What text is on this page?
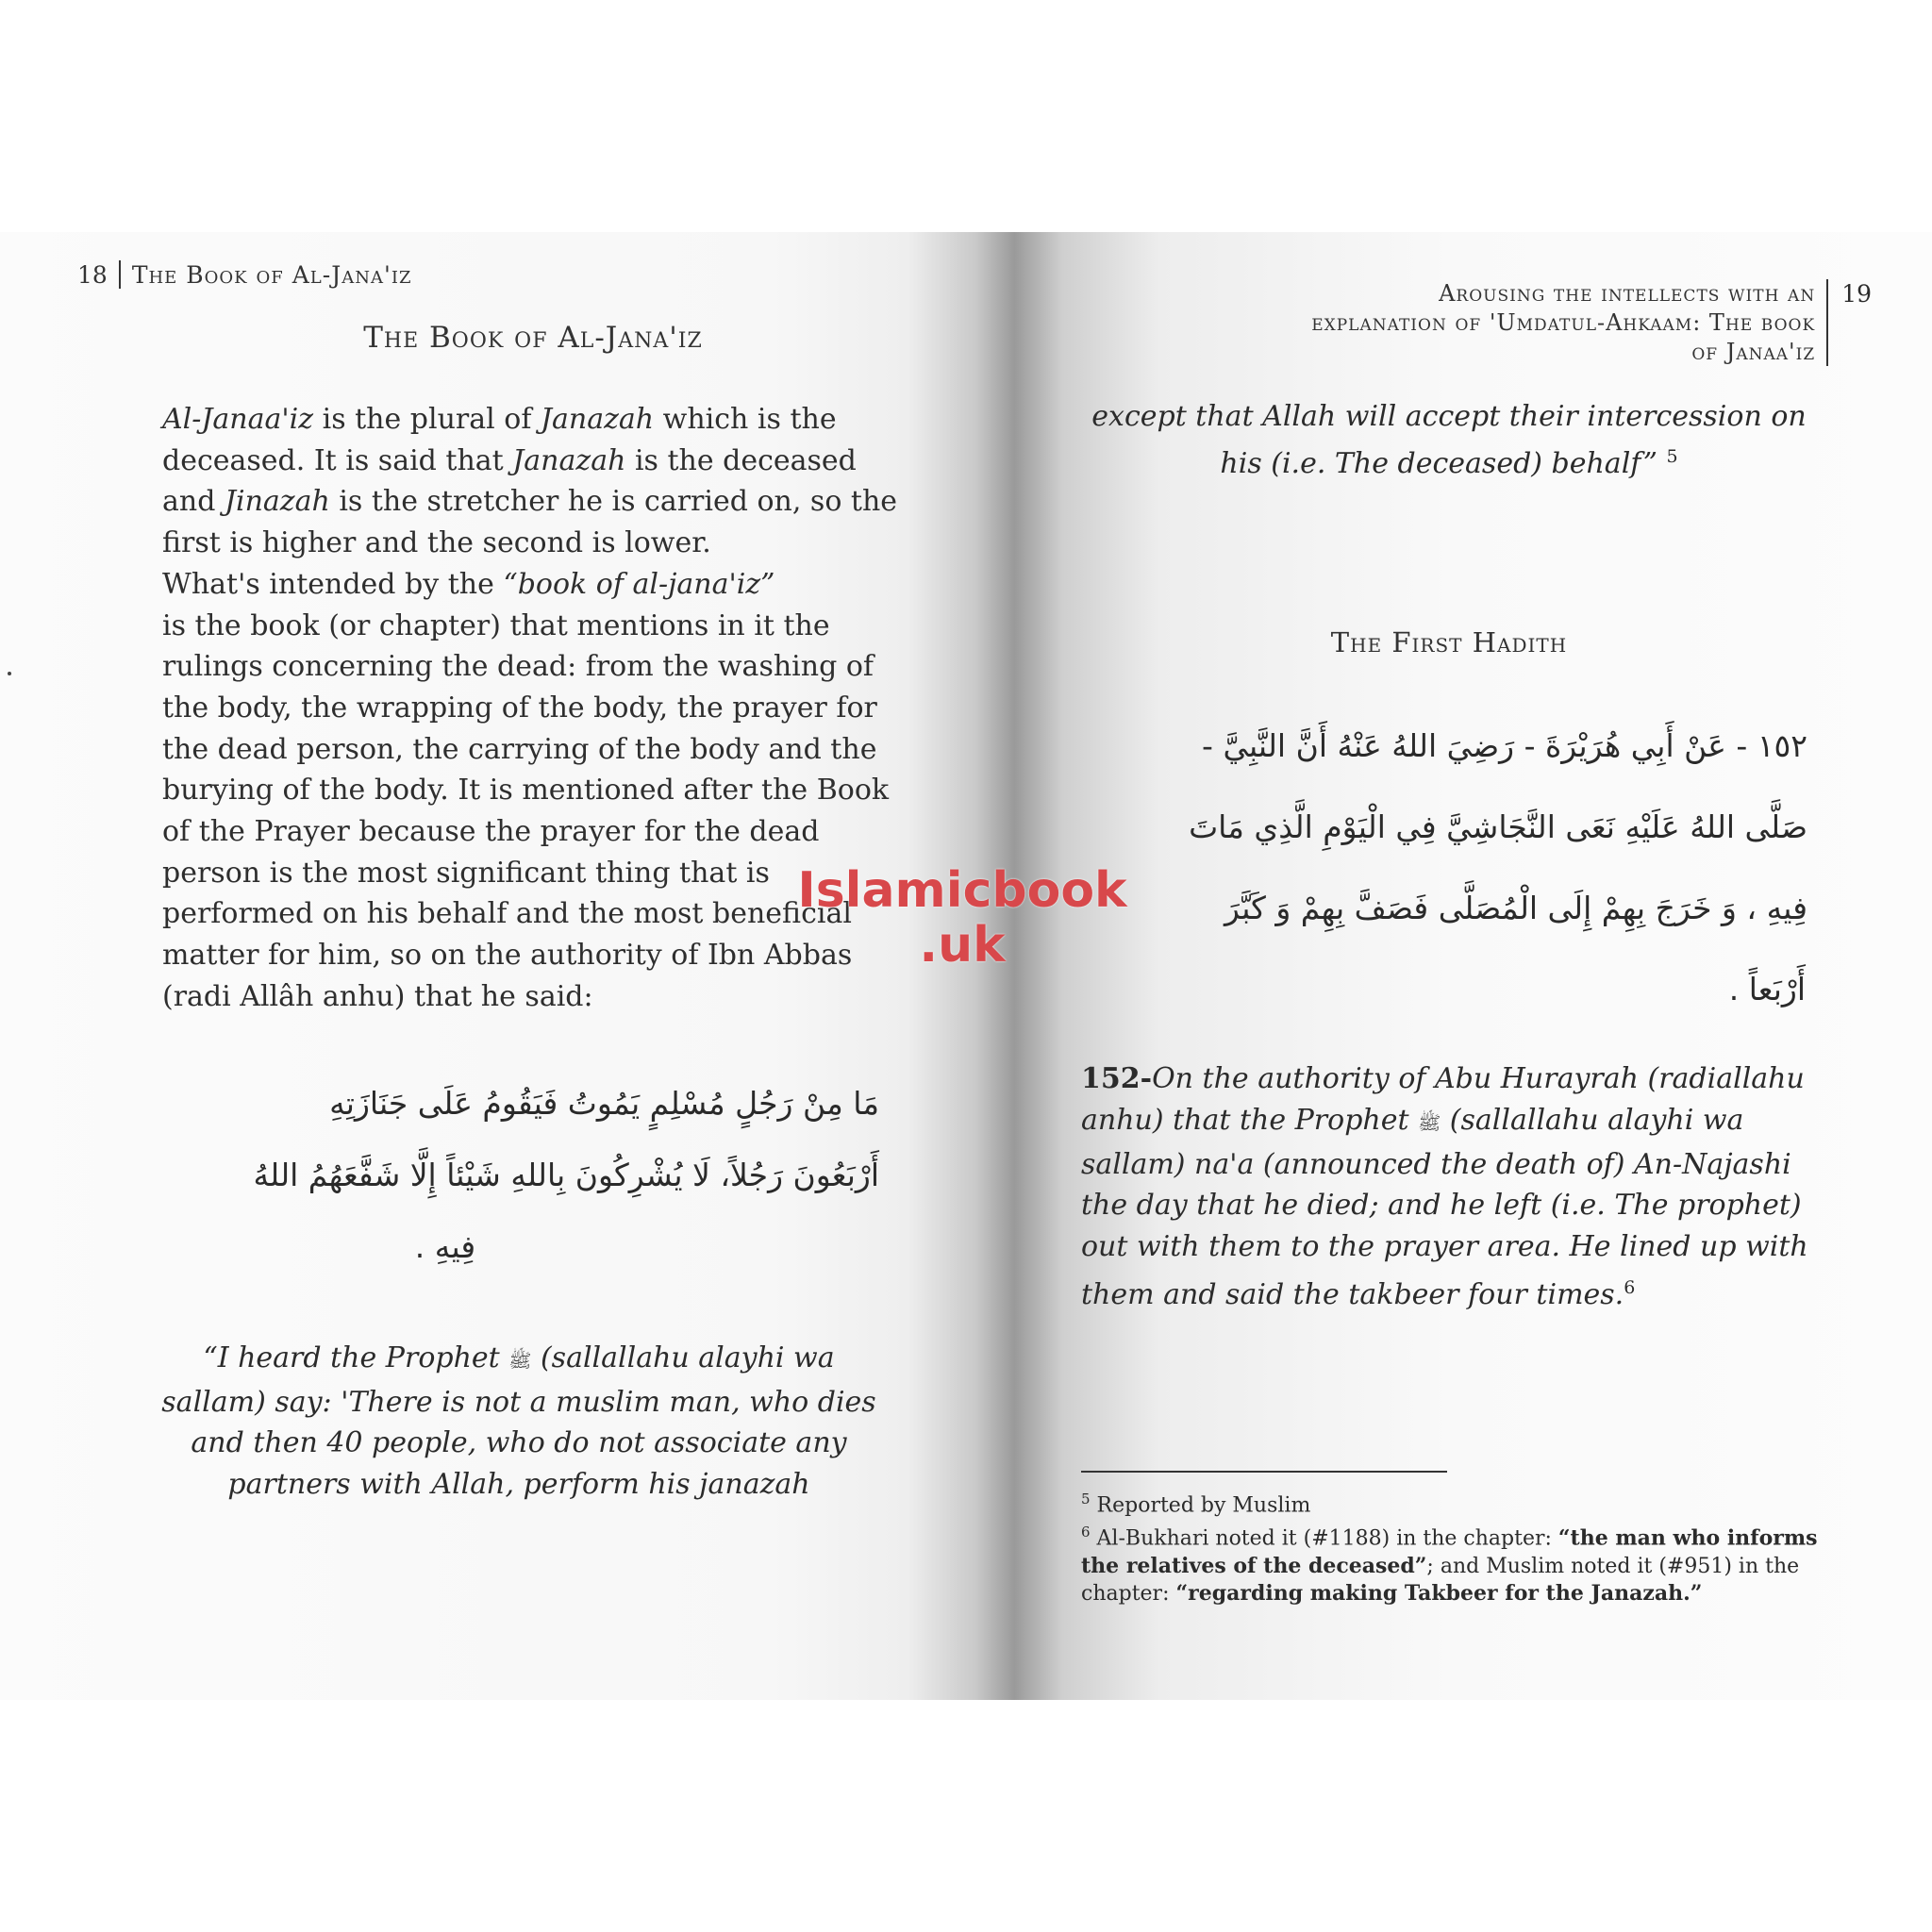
18 The Book of Al-Jana'iz
The Book of Al-Jana'iz

Al-Janaa'iz is the plural of Janazah which is the deceased. It is said that Janazah is the deceased and Jinazah is the stretcher he is carried on, so the first is higher and the second is lower.

What's intended by the “book of al-jana'iz”

is the book (or chapter) that mentions in it the rulings concerning the dead: from the washing of the body, the wrapping of the body, the prayer for the dead person, the carrying of the body and the burying of the body. It is mentioned after the Book of the Prayer because the prayer for the dead person is the most significant thing that is performed on his behalf and the most beneficial matter for him, so on the authority of Ibn Abbas (radi Allâh anhu) that he said:

مَا مِنْ رَجُلٍ مُسْلِمٍ يَمُوتُ فَيَقُومُ عَلَى جَنَازَتِهِ
أَرْبَعُونَ رَجُلاً، لَا يُشْرِكُونَ بِاللهِ شَيْئاً إِلَّا شَفَّعَهُمُ اللهُ
فِيهِ .
“I heard the Prophet ﷺ (sallallahu alayhi wa sallam) say: 'There is not a muslim man, who dies and then 40 people, who do not associate any partners with Allah, perform his janazah
Arousing the intellects with an
explanation of 'Umdatul-Ahkaam: The book
of Janaa'iz
19
except that Allah will accept their intercession on his (i.e. The deceased) behalf” $^5$
The First Hadith
١٥٢ - عَنْ أَبِي هُرَيْرَةَ - رَضِيَ اللهُ عَنْهُ أَنَّ النَّبِيَّ -
صَلَّى اللهُ عَلَيْهِ نَعَى النَّجَاشِيَّ فِي الْيَوْمِ الَّذِي مَاتَ
فِيهِ ، وَ خَرَجَ بِهِمْ إِلَى الْمُصَلَّى فَصَفَّ بِهِمْ وَ كَبَّرَ
أَرْبَعاً .
152-On the authority of Abu Hurayrah (radiallahu anhu) that the Prophet ﷺ (sallallahu alayhi wa sallam) na'a (announced the death of) An-Najashi the day that he died; and he left (i.e. The prophet) out with them to the prayer area. He lined up with them and said the takbeer four times.$^6$
$^5$ Reported by Muslim
$^6$ Al-Bukhari noted it (#1188) in the chapter: “the man who informs the relatives of the deceased”; and Muslim noted it (#951) in the chapter: “regarding making Takbeer for the Janazah.”
Islamicbook
.uk
